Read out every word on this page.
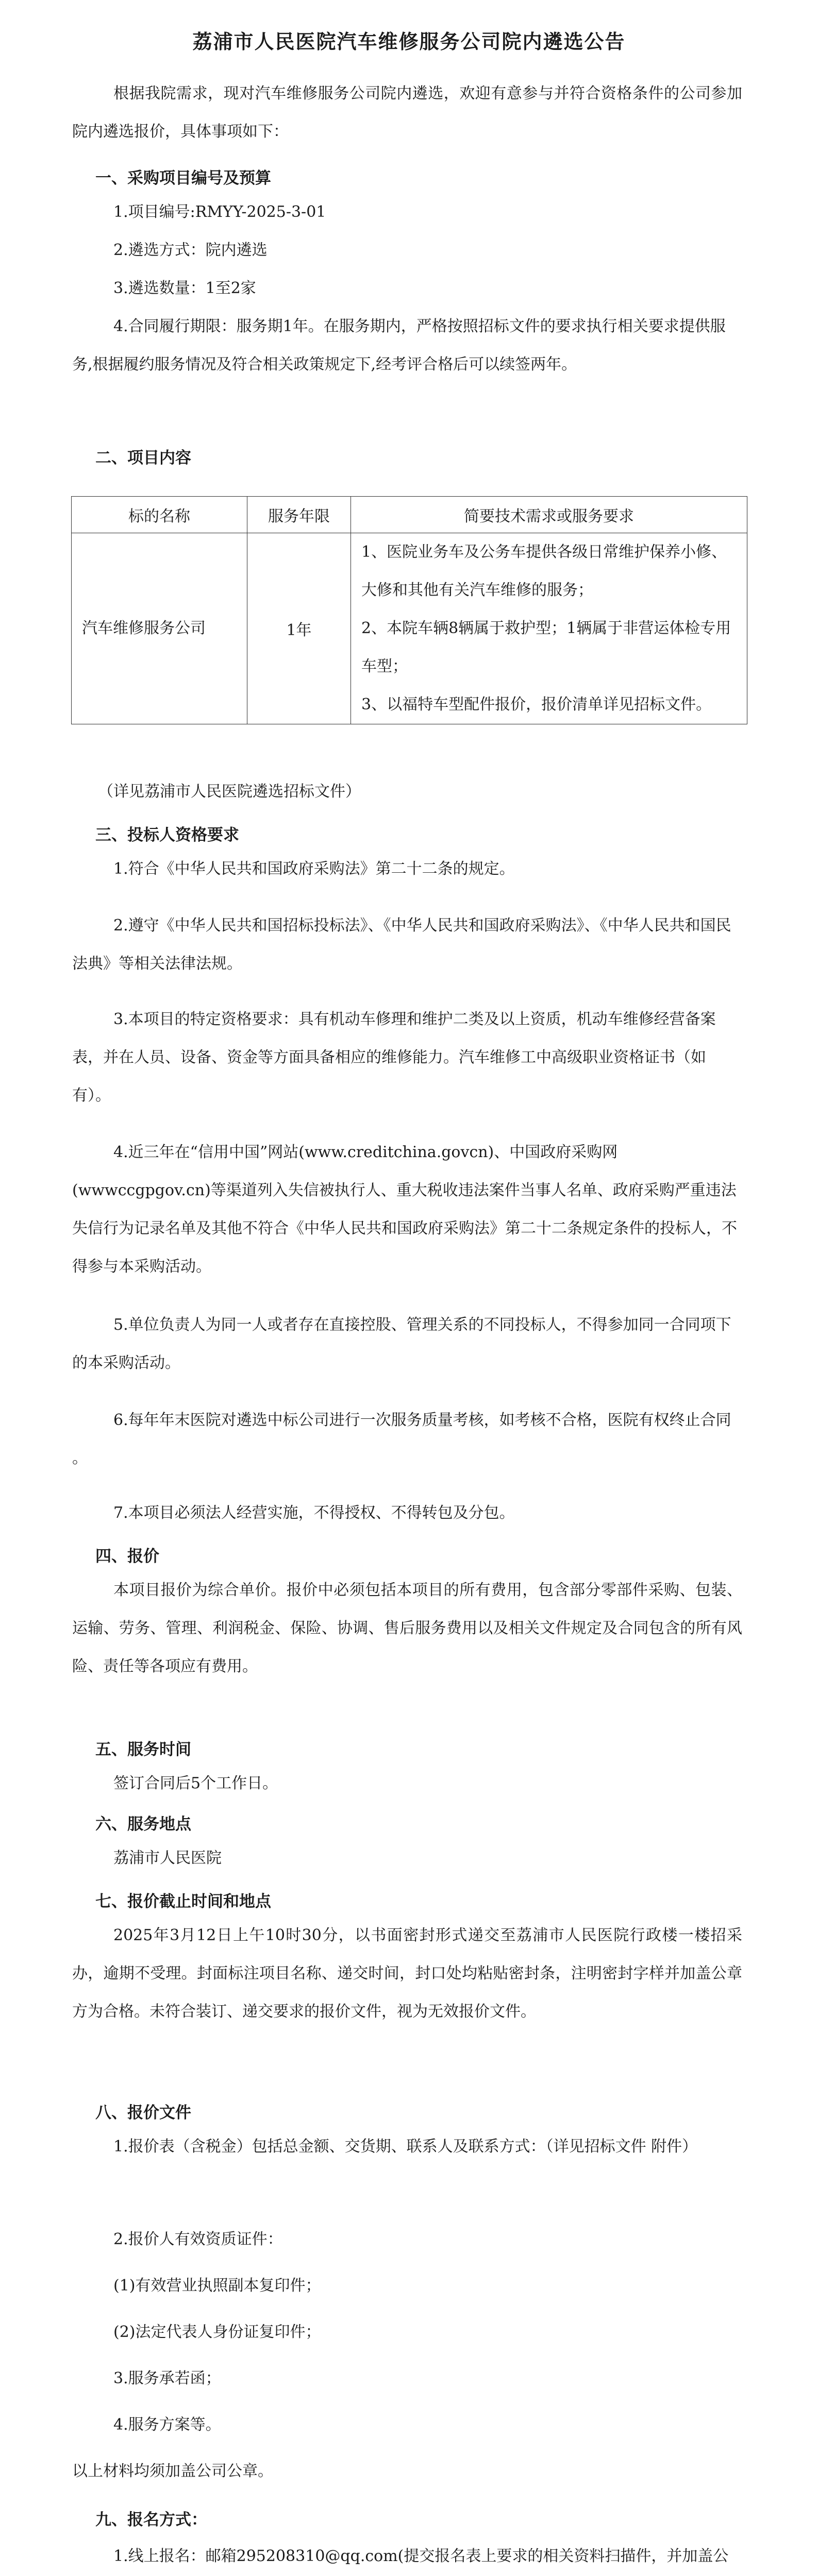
荔浦市人民医院汽车维修服务公司院内遴选公告
根据我院需求，现对汽车维修服务公司院内遴选，欢迎有意参与并符合资格条件的公司参加院内遴选报价，具体事项如下：
一、采购项目编号及预算
1.项目编号:RMYY-2025-3-01
2.遴选方式：院内遴选
3.遴选数量：1至2家
4.合同履行期限：服务期1年。在服务期内，严格按照招标文件的要求执行相关要求提供服务,根据履约服务情况及符合相关政策规定下,经考评合格后可以续签两年。
二、项目内容
标的名称	服务年限	简要技术需求或服务要求
汽车维修服务公司	1年	1、医院业务车及公务车提供各级日常维护保养小修、大修和其他有关汽车维修的服务；
2、本院车辆8辆属于救护型；1辆属于非营运体检专用车型；
3、以福特车型配件报价，报价清单详见招标文件。
（详见荔浦市人民医院遴选招标文件）
三、投标人资格要求
1.符合《中华人民共和国政府采购法》第二十二条的规定。
2.遵守《中华人民共和国招标投标法》、《中华人民共和国政府采购法》、《中华人民共和国民法典》等相关法律法规。
3.本项目的特定资格要求：具有机动车修理和维护二类及以上资质，机动车维修经营备案表，并在人员、设备、资金等方面具备相应的维修能力。汽车维修工中高级职业资格证书（如有）。
4.近三年在“信用中国”网站(www.creditchina.govcn)、中国政府采购网(wwwccgpgov.cn)等渠道列入失信被执行人、重大税收违法案件当事人名单、政府采购严重违法失信行为记录名单及其他不符合《中华人民共和国政府采购法》第二十二条规定条件的投标人，不得参与本采购活动。
5.单位负责人为同一人或者存在直接控股、管理关系的不同投标人，不得参加同一合同项下的本采购活动。
6.每年年末医院对遴选中标公司进行一次服务质量考核，如考核不合格，医院有权终止合同 。
7.本项目必须法人经营实施，不得授权、不得转包及分包。
四、报价
本项目报价为综合单价。报价中必须包括本项目的所有费用，包含部分零部件采购、包装、运输、劳务、管理、利润税金、保险、协调、售后服务费用以及相关文件规定及合同包含的所有风险、责任等各项应有费用。
五、服务时间
签订合同后5个工作日。
六、服务地点
荔浦市人民医院
七、报价截止时间和地点
2025年3月12日上午10时30分，以书面密封形式递交至荔浦市人民医院行政楼一楼招采办，逾期不受理。封面标注项目名称、递交时间，封口处均粘贴密封条，注明密封字样并加盖公章方为合格。未符合装订、递交要求的报价文件，视为无效报价文件。
八、报价文件
1.报价表（含税金）包括总金额、交货期、联系人及联系方式：（详见招标文件 附件）
2.报价人有效资质证件：
(1)有效营业执照副本复印件；
(2)法定代表人身份证复印件；
3.服务承若函；
4.服务方案等。
以上材料均须加盖公司公章。
九、报名方式：
1.线上报名：邮箱295208310@qq.com(提交报名表上要求的相关资料扫描件，并加盖公
